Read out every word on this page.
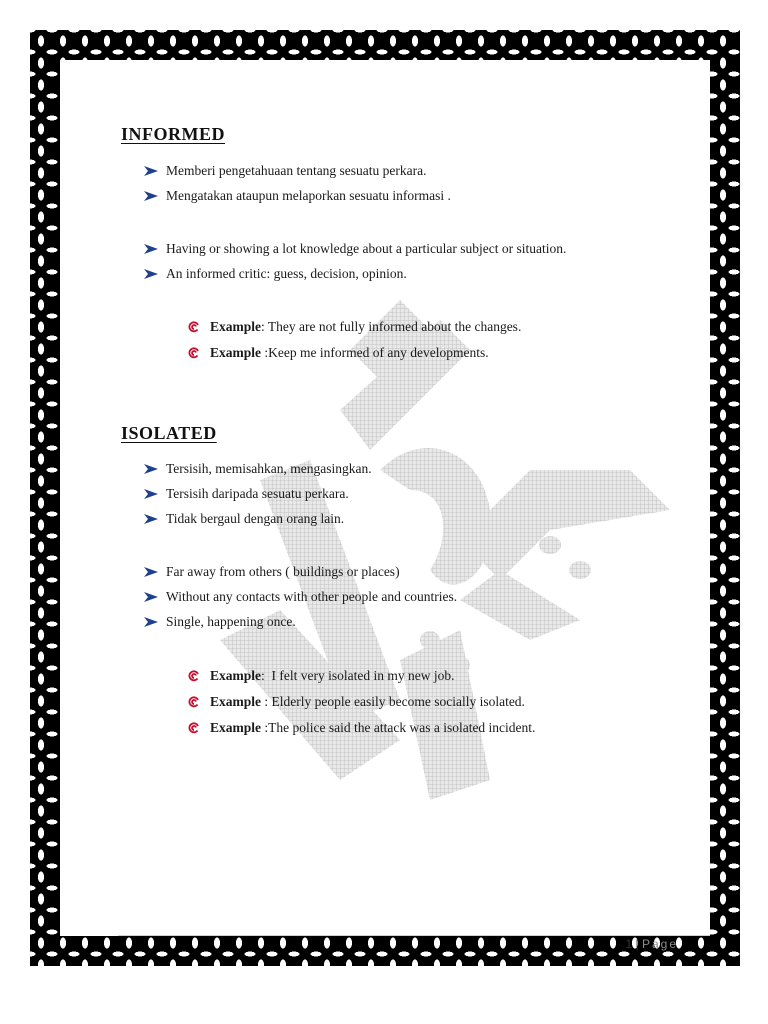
INFORMED
Memberi pengetahuaan tentang sesuatu perkara.
Mengatakan ataupun melaporkan sesuatu informasi .
Having or showing a lot knowledge about a particular subject or situation.
An informed critic: guess, decision, opinion.
Example : They are not fully informed about the changes.
Example :Keep me informed of any developments.
ISOLATED
Tersisih, memisahkan, mengasingkan.
Tersisih daripada sesuatu perkara.
Tidak bergaul dengan orang lain.
Far away from others ( buildings or places)
Without any contacts with other people and countries.
Single, happening once.
Example :  I felt very isolated in my new job.
Example : Elderly people easily become socially isolated.
Example :The police said the attack was a isolated incident.
1 | Page
